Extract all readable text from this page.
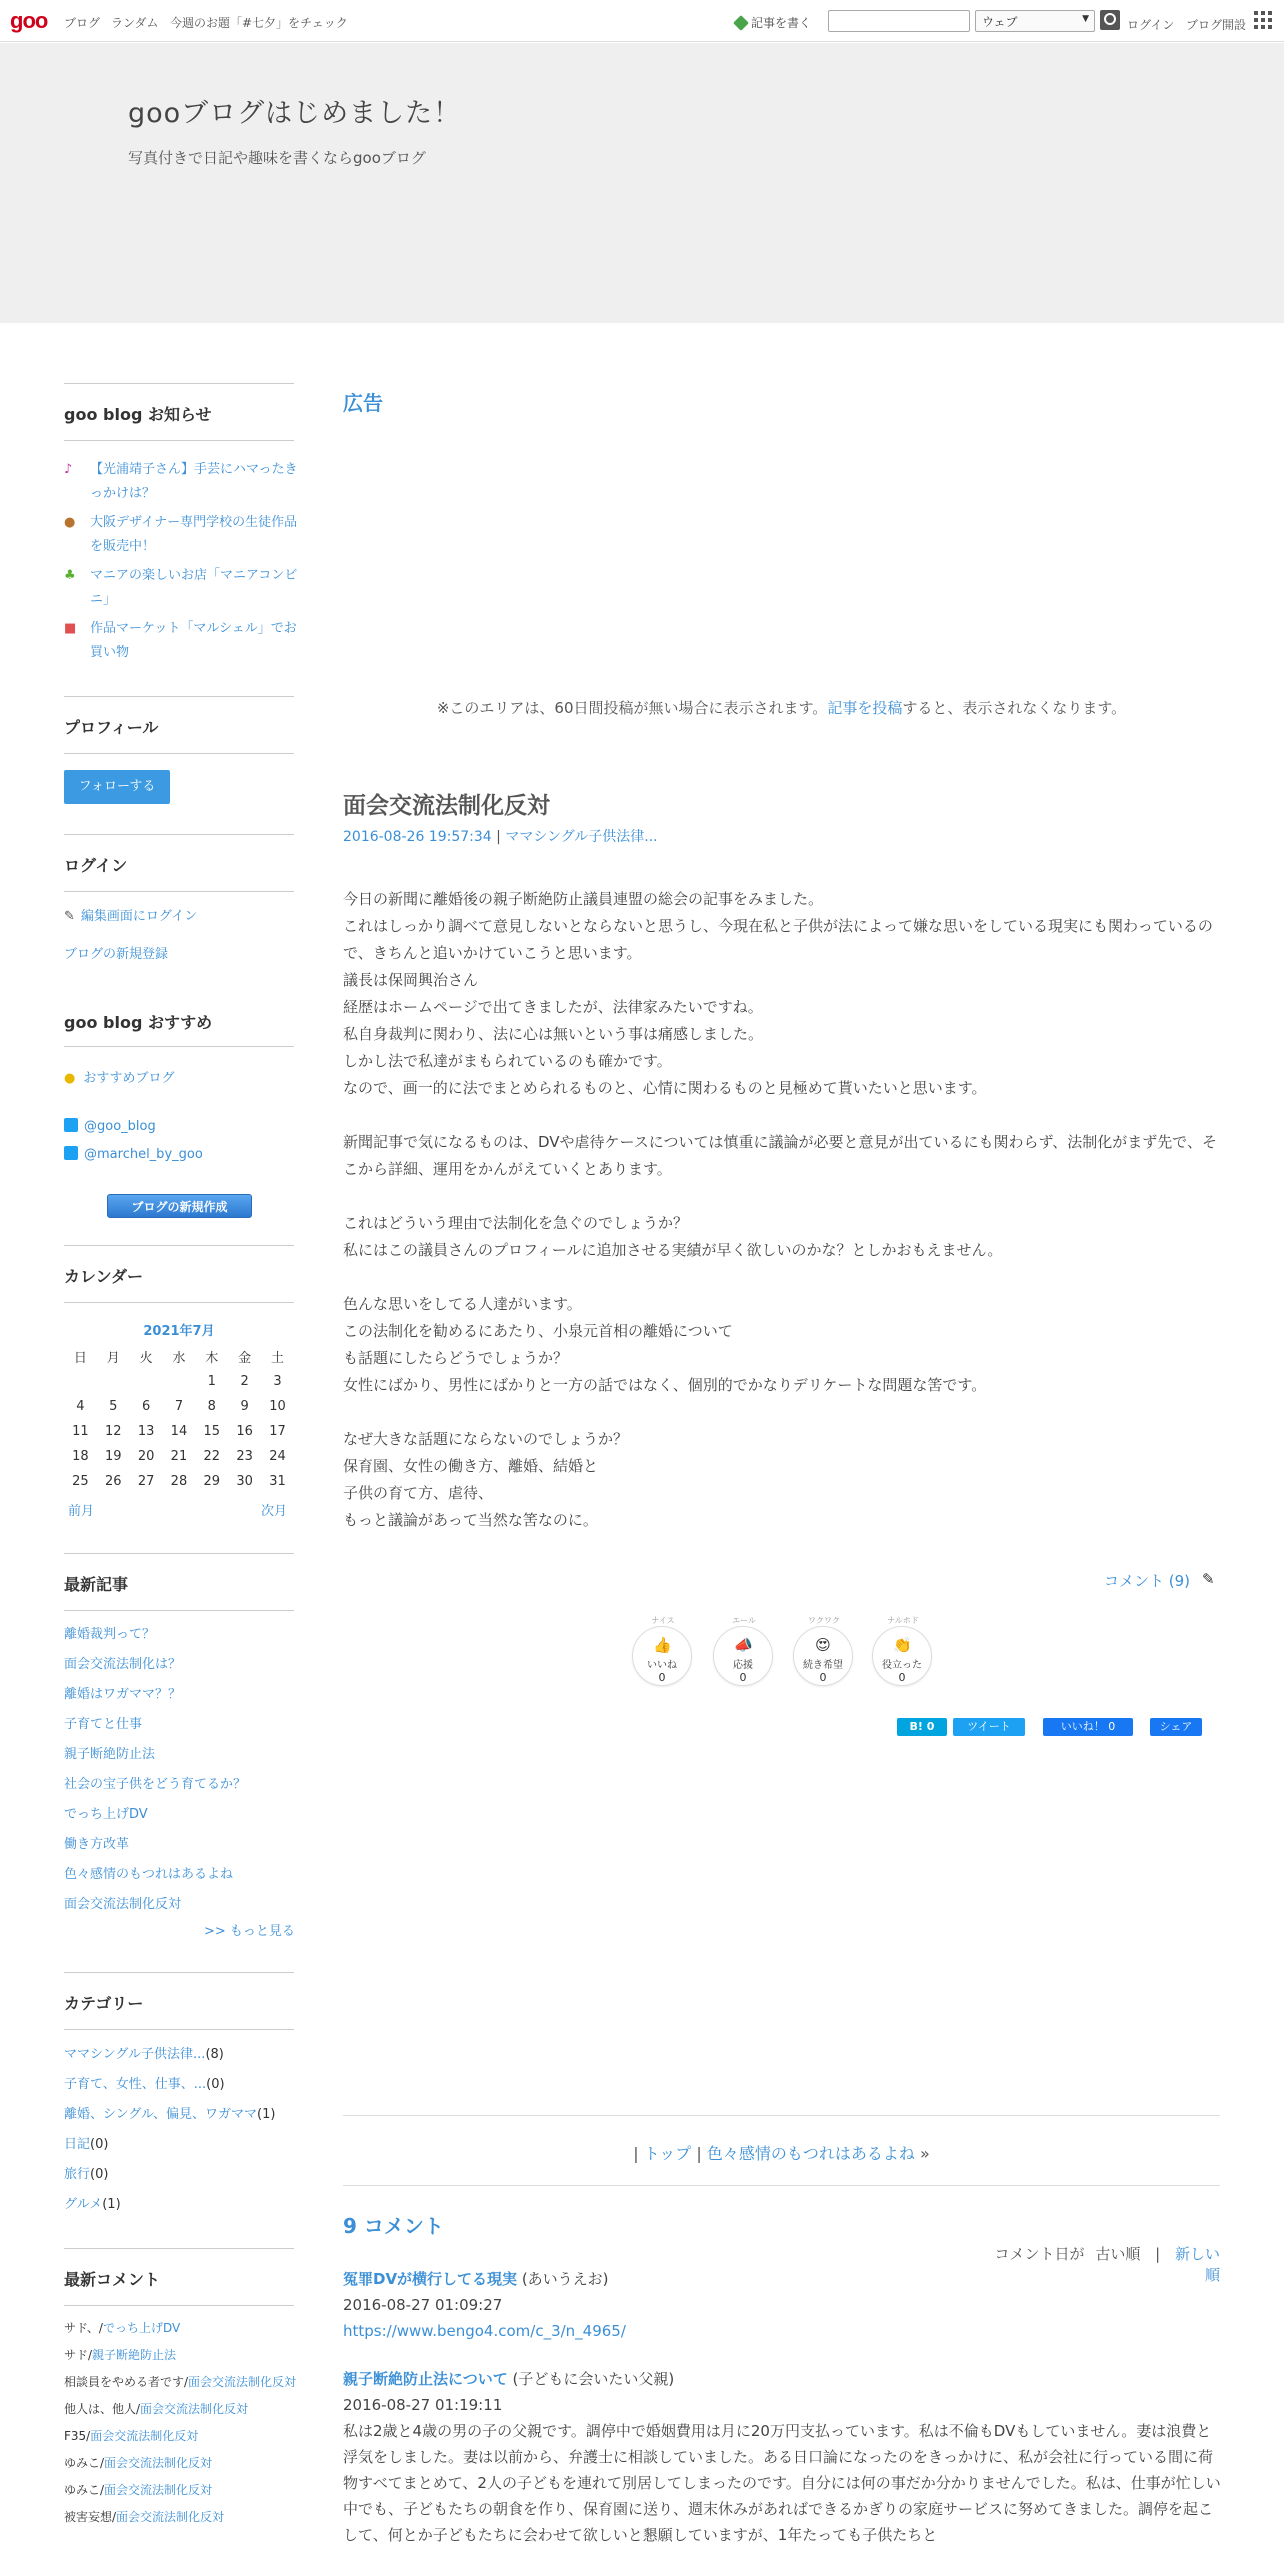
goo ブログ ランダム 今週のお題「#七夕」をチェック	記事を書く	ウェブ	▼	ログイン ブログ開設
gooブログはじめました！
写真付きで日記や趣味を書くならgooブログ
goo blog お知らせ
♪	【光浦靖子さん】手芸にハマったきっかけは？
●	大阪デザイナー専門学校の生徒作品を販売中！
♣	マニアの楽しいお店「マニアコンビニ」
■ 作品マーケット「マルシェル」でお買い物
プロフィール
フォローする
ログイン
✎ 編集画面にログイン
ブログの新規登録
goo blog おすすめ
● おすすめブログ
@goo_blog
@marchel_by_goo
ブログの新規作成
カレンダー
2021年7月
日	月	火	水	木	金	土
				1	2	3
4	5	6	7	8	9	10
11	12	13	14	15	16	17
18	19	20	21	22	23	24
25	26	27	28	29	30	31
前月	次月
最新記事
離婚裁判って？
面会交流法制化は？
離婚はワガママ？？
子育てと仕事
親子断絶防止法
社会の宝子供をどう育てるか？
でっち上げDV
働き方改革
色々感情のもつれはあるよね
面会交流法制化反対
>> もっと見る
カテゴリー
ママシングル子供法律...(8)
子育て、女性、仕事、...(0)
離婚、シングル、偏見、ワガママ(1)
日記(0)
旅行(0)
グルメ(1)
最新コメント
サド、/でっち上げDV
サド/親子断絶防止法
相談員をやめる者です/面会交流法制化反対
他人は、他人/面会交流法制化反対
F35/面会交流法制化反対
ゆみこ/面会交流法制化反対
ゆみこ/面会交流法制化反対
被害妄想/面会交流法制化反対
広告
※このエリアは、60日間投稿が無い場合に表示されます。記事を投稿すると、表示されなくなります。
面会交流法制化反対
2016-08-26 19:57:34 | ママシングル子供法律...

今日の新聞に離婚後の親子断絶防止議員連盟の総会の記事をみました。

これはしっかり調べて意見しないとならないと思うし、今現在私と子供が法によって嫌な思いをしている現実にも関わっているので、きちんと追いかけていこうと思います。

議長は保岡興治さん

経歴はホームページで出てきましたが、法律家みたいですね。

私自身裁判に関わり、法に心は無いという事は痛感しました。

しかし法で私達がまもられているのも確かです。

なので、画一的に法でまとめられるものと、心情に関わるものと見極めて貰いたいと思います。

新聞記事で気になるものは、DVや虐待ケースについては慎重に議論が必要と意見が出ているにも関わらず、法制化がまず先で、そこから詳細、運用をかんがえていくとあります。

これはどういう理由で法制化を急ぐのでしょうか？

私にはこの議員さんのプロフィールに追加させる実績が早く欲しいのかな？としかおもえません。

色んな思いをしてる人達がいます。

この法制化を勧めるにあたり、小泉元首相の離婚について

も話題にしたらどうでしょうか？

女性にばかり、男性にばかりと一方の話ではなく、個別的でかなりデリケートな問題な筈です。

なぜ大きな話題にならないのでしょうか？

保育園、女性の働き方、離婚、結婚と

子供の育て方、虐待、

もっと議論があって当然な筈なのに。

コメント (9) ✎
ナイス
👍
いいね
0
エール
📣
応援
0
ワクワク
😍
続き希望
0
ナルホド
👏
役立った
0
B! 0	ツイート	いいね！ 0	シェア
| トップ | 色々感情のもつれはあるよね »
9 コメント
コメント日が 古い順 | 新しい順
冤罪DVが横行してる現実 (あいうえお)
2016-08-27 01:09:27
https://www.bengo4.com/c_3/n_4965/
親子断絶防止法について (子どもに会いたい父親)
2016-08-27 01:19:11
私は2歳と4歳の男の子の父親です。調停中で婚姻費用は月に20万円支払っています。私は不倫もDVもしていません。妻は浪費と浮気をしました。妻は以前から、弁護士に相談していました。ある日口論になったのをきっかけに、私が会社に行っている間に荷物すべてまとめて、2人の子どもを連れて別居してしまったのです。自分には何の事だか分かりませんでした。私は、仕事が忙しい中でも、子どもたちの朝食を作り、保育園に送り、週末休みがあればできるかぎりの家庭サービスに努めてきました。調停を起こして、何とか子どもたちに会わせて欲しいと懇願していますが、1年たっても子供たちと
